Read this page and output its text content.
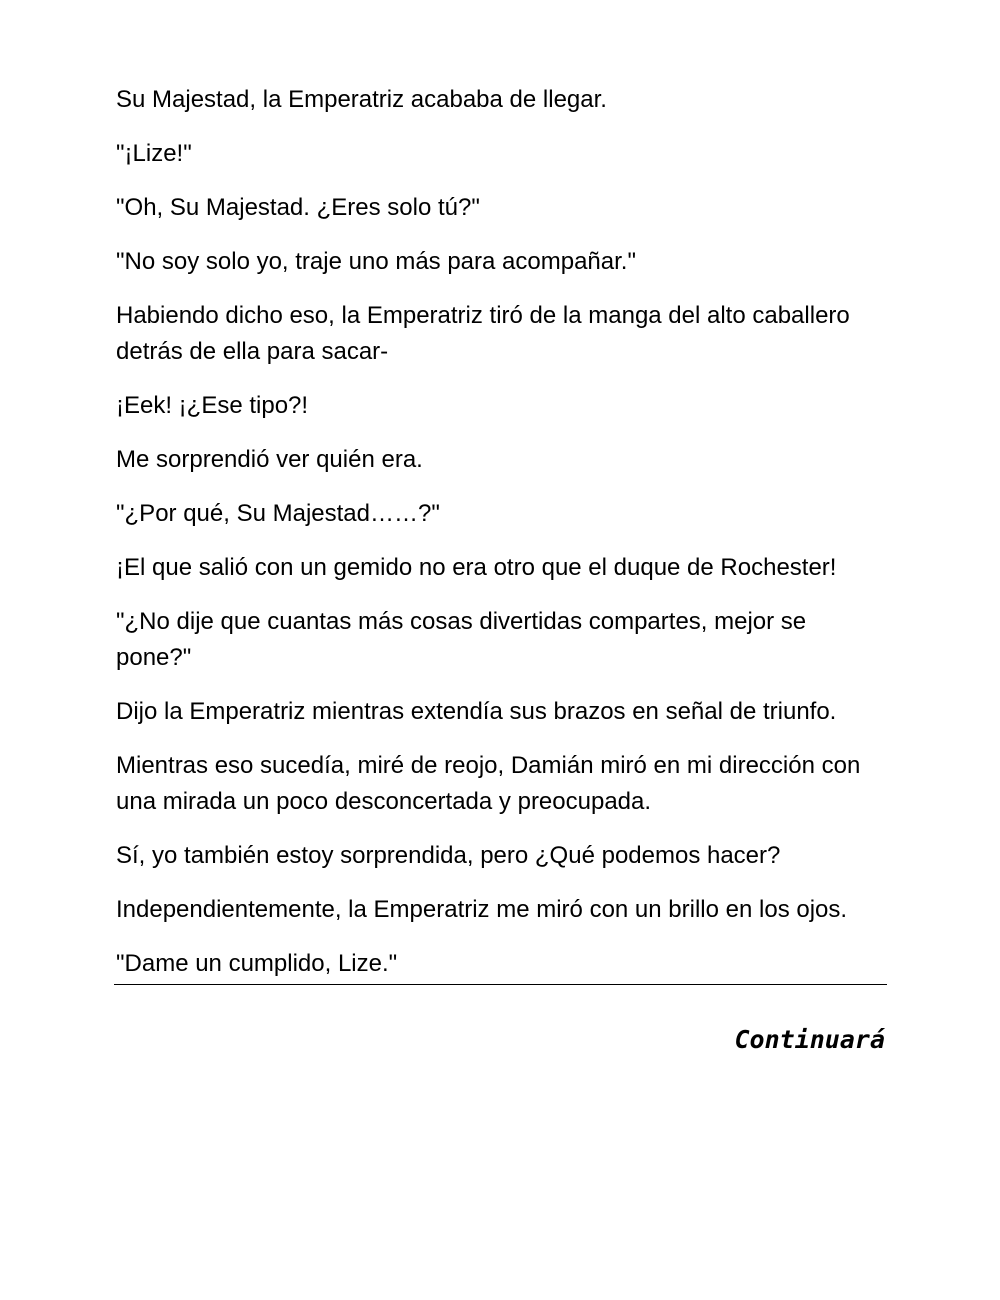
Su Majestad, la Emperatriz acababa de llegar.

"¡Lize!"

"Oh, Su Majestad. ¿Eres solo tú?"

"No soy solo yo, traje uno más para acompañar."

Habiendo dicho eso, la Emperatriz tiró de la manga del alto caballero detrás de ella para sacar-

¡Eek! ¡¿Ese tipo?!

Me sorprendió ver quién era.

"¿Por qué, Su Majestad……?"

¡El que salió con un gemido no era otro que el duque de Rochester!

"¿No dije que cuantas más cosas divertidas compartes, mejor se pone?"

Dijo la Emperatriz mientras extendía sus brazos en señal de triunfo.

Mientras eso sucedía, miré de reojo, Damián miró en mi dirección con una mirada un poco desconcertada y preocupada.

Sí, yo también estoy sorprendida, pero ¿Qué podemos hacer?

Independientemente, la Emperatriz me miró con un brillo en los ojos.

"Dame un cumplido, Lize."

Continuará
